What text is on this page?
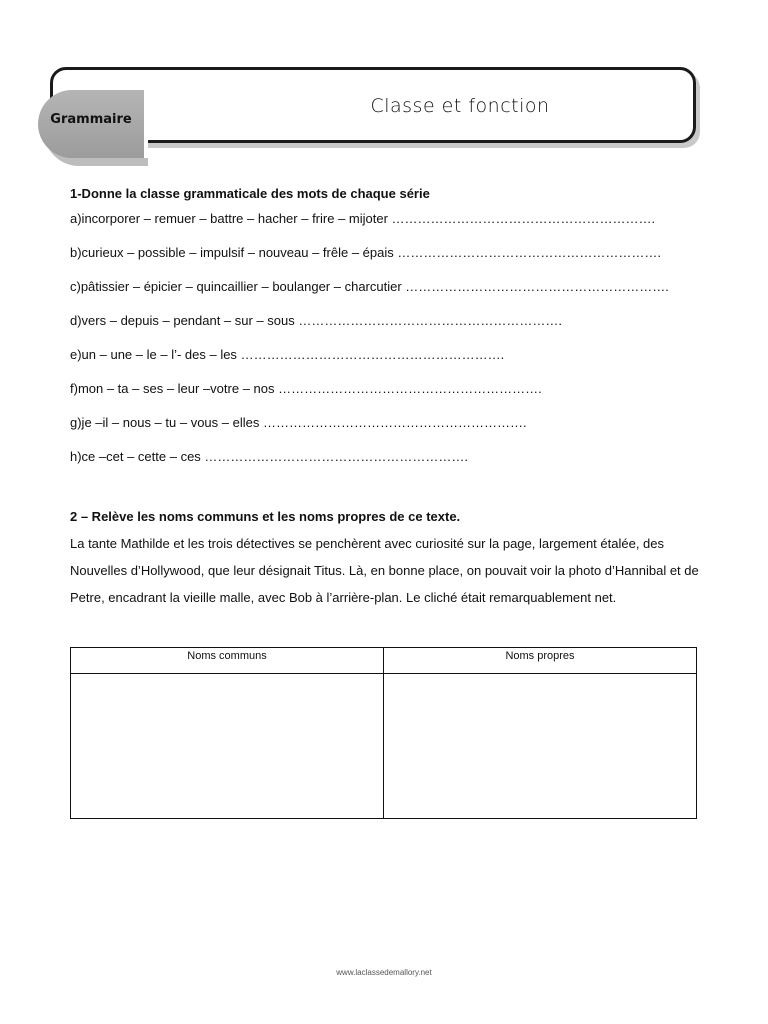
Classe et fonction
Grammaire
1-Donne la classe grammaticale des mots de chaque série
a)incorporer – remuer – battre – hacher – frire – mijoter …………………………………………………….
b)curieux – possible – impulsif – nouveau – frêle – épais …………………………………………………….
c)pâtissier – épicier – quincaillier – boulanger – charcutier …………………………………………………….
d)vers – depuis – pendant – sur – sous …………………………………………………….
e)un – une – le – l’- des – les …………………………………………………….
f)mon – ta – ses – leur –votre – nos …………………………………………………….
g)je –il – nous – tu – vous – elles …………………………………………………….
h)ce –cet – cette – ces …………………………………………………….
2 – Relève les noms communs et les noms propres de ce texte.
La tante Mathilde et les trois détectives se penchèrent avec curiosité sur la page, largement étalée, des Nouvelles d’Hollywood, que leur désignait Titus. Là, en bonne place, on pouvait voir la photo d’Hannibal et de Petre, encadrant la vieille malle, avec Bob à l’arrière-plan. Le cliché était remarquablement net.
Noms communs	Noms propres

www.laclassedemallory.net
